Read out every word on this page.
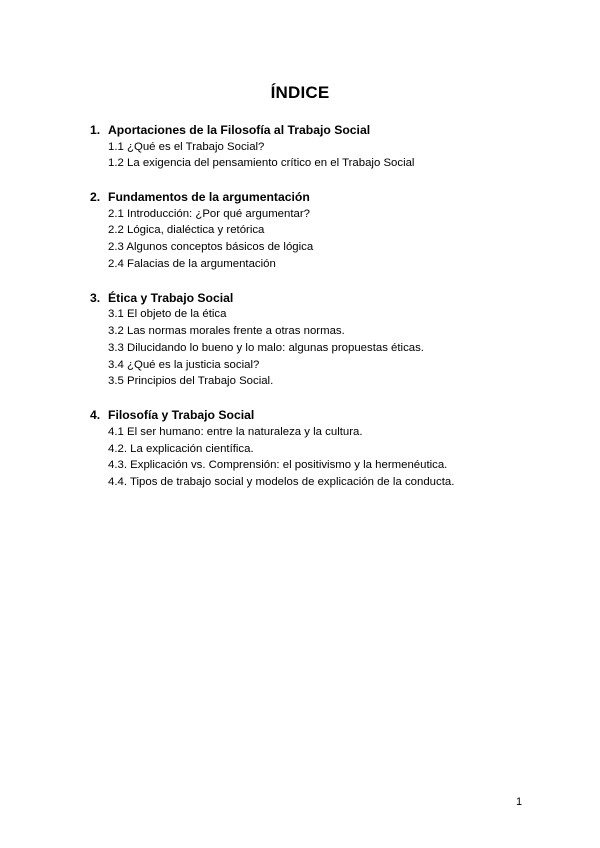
ÍNDICE
1. Aportaciones de la Filosofía al Trabajo Social
1.1 ¿Qué es el Trabajo Social?
1.2 La exigencia del pensamiento crítico en el Trabajo Social
2. Fundamentos de la argumentación
2.1 Introducción: ¿Por qué argumentar?
2.2 Lógica, dialéctica y retórica
2.3 Algunos conceptos básicos de lógica
2.4 Falacias de la argumentación
3. Ética y Trabajo Social
3.1 El objeto de la ética
3.2 Las normas morales frente a otras normas.
3.3 Dilucidando lo bueno y lo malo: algunas propuestas éticas.
3.4 ¿Qué es la justicia social?
3.5 Principios del Trabajo Social.
4. Filosofía y Trabajo Social
4.1 El ser humano: entre la naturaleza y la cultura.
4.2. La explicación científica.
4.3. Explicación vs. Comprensión: el positivismo y la hermenéutica.
4.4. Tipos de trabajo social y modelos de explicación de la conducta.
1
